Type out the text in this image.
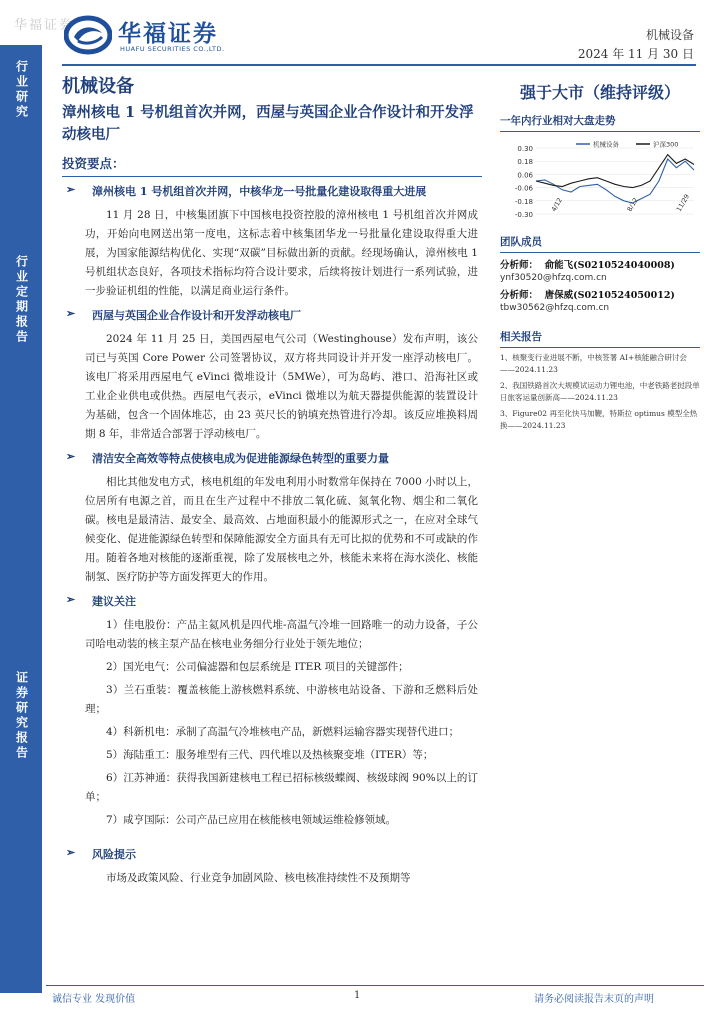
华福证券 华福证券
HUAFU SECURITIES CO.,LTD.
机械设备
2024 年 11 月 30 日
行业研究
行业定期报告
证券研究报告
机械设备
漳州核电 1 号机组首次并网，西屋与英国企业合作设计和开发浮动核电厂
投资要点：
➢ 漳州核电 1 号机组首次并网，中核华龙一号批量化建设取得重大进展
11 月 28 日，中核集团旗下中国核电投资控股的漳州核电 1 号机组首次并网成功，开始向电网送出第一度电，这标志着中核集团华龙一号批量化建设取得重大进展，为国家能源结构优化、实现“双碳”目标做出新的贡献。经现场确认，漳州核电 1 号机组状态良好，各项技术指标均符合设计要求，后续将按计划进行一系列试验，进一步验证机组的性能，以满足商业运行条件。
➢ 西屋与英国企业合作设计和开发浮动核电厂
2024 年 11 月 25 日，美国西屋电气公司（Westinghouse）发布声明，该公司已与英国 Core Power 公司签署协议，双方将共同设计并开发一座浮动核电厂。该电厂将采用西屋电气 eVinci 微堆设计（5MWe），可为岛屿、港口、沿海社区或工业企业供电或供热。西屋电气表示，eVinci 微堆以为航天器提供能源的装置设计为基础，包含一个固体堆芯，由 23 英尺长的钠填充热管进行冷却。该反应堆换料周期 8 年，非常适合部署于浮动核电厂。
➢ 清洁安全高效等特点使核电成为促进能源绿色转型的重要力量
相比其他发电方式，核电机组的年发电利用小时数常年保持在 7000 小时以上，位居所有电源之首，而且在生产过程中不排放二氧化硫、氮氧化物、烟尘和二氧化碳。核电是最清洁、最安全、最高效、占地面积最小的能源形式之一，在应对全球气候变化、促进能源绿色转型和保障能源安全方面具有无可比拟的优势和不可或缺的作用。随着各地对核能的逐渐重视，除了发展核电之外，核能未来将在海水淡化、核能制氢、医疗防护等方面发挥更大的作用。
➢ 建议关注
1）佳电股份：产品主氦风机是四代堆-高温气冷堆一回路唯一的动力设备，子公司哈电动装的核主泵产品在核电业务细分行业处于领先地位；
2）国光电气：公司偏滤器和包层系统是 ITER 项目的关键部件；
3）兰石重装：覆盖核能上游核燃料系统、中游核电站设备、下游和乏燃料后处理；
4）科新机电：承制了高温气冷堆核电产品，新燃料运输容器实现替代进口；
5）海陆重工：服务堆型有三代、四代堆以及热核聚变堆（ITER）等；
6）江苏神通：获得我国新建核电工程已招标核级蝶阀、核级球阀 90%以上的订单；
7）咸亨国际：公司产品已应用在核能核电领域运维检修领域。
➢ 风险提示
市场及政策风险、行业竞争加剧风险、核电核准持续性不及预期等
强于大市（维持评级）
一年内行业相对大盘走势
0.30
0.18
0.06
-0.06
-0.18
-0.30
机械设备	沪深300
4/12	8/12	11/29
团队成员
分析师： 俞能飞(S0210524040008)
ynf30520@hfzq.com.cn
分析师： 唐保威(S0210524050012)
tbw30562@hfzq.com.cn
相关报告
1、核聚变行业进展不断，中核签署 AI+核能融合研讨会——2024.11.23
2、我国铁路首次大规模试运动力锂电池，中老铁路老挝段单日旅客运量创新高——2024.11.23
3、Figure02 再至化快马加鞭，特斯拉 optimus 模型全热换——2024.11.23
诚信专业 发现价值	1	请务必阅读报告末页的声明
